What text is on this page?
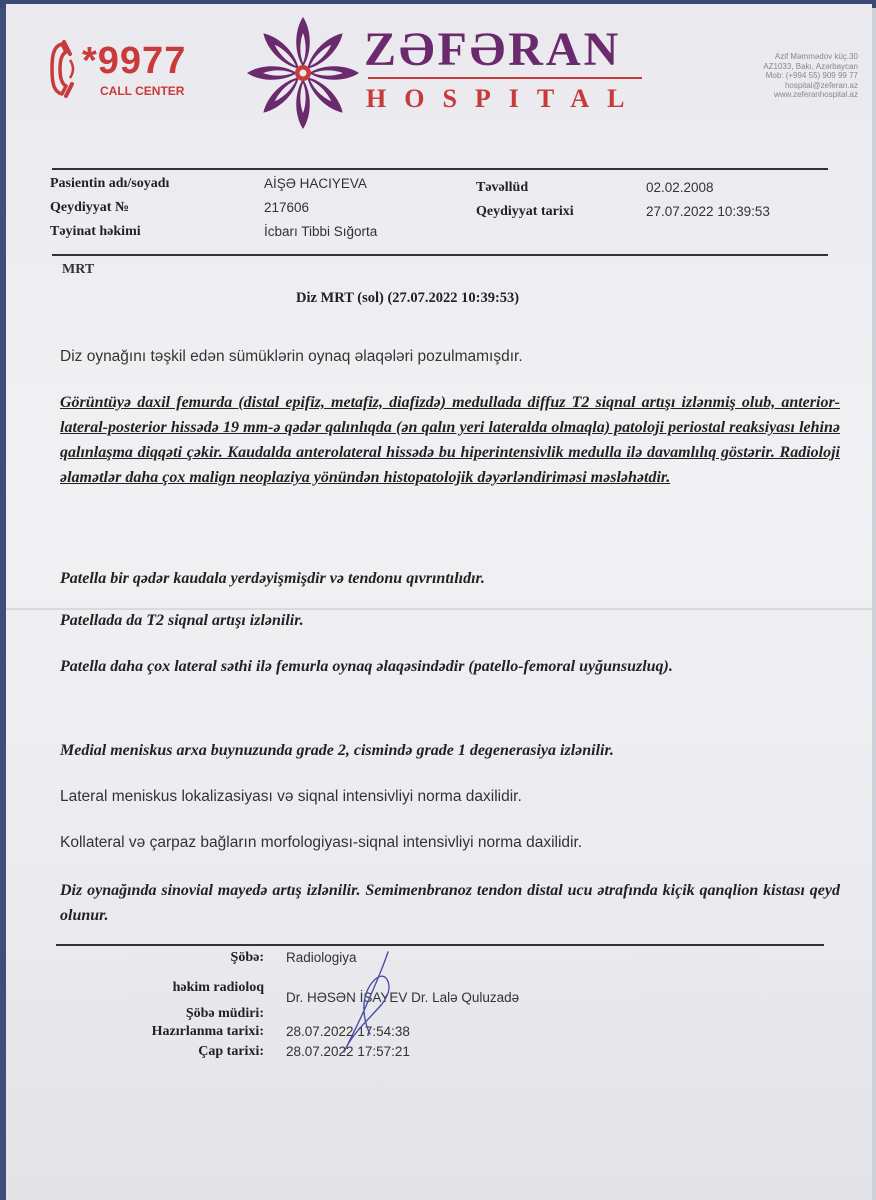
*9977
CALL CENTER
ZƏFƏRAN
HOSPITAL
Azif Məmmədov küç.30
AZ1033, Bakı, Azərbaycan
Mob: (+994 55) 909 99 77
hospital@zeferan.az
www.zeferanhospital.az
Pasientin adı/soyadı	AİŞƏ HACIYEVA
Qeydiyyat №	217606
Təyinat həkimi	İcbarı Tibbi Sığorta
Təvəllüd	02.02.2008
Qeydiyyat tarixi	27.07.2022 10:39:53
MRT
Diz MRT (sol) (27.07.2022 10:39:53)
Diz oynağını təşkil edən sümüklərin oynaq əlaqələri pozulmamışdır.
Görüntüyə daxil femurda (distal epifiz, metafiz, diafizdə) medullada diffuz T2 siqnal artışı izlənmiş olub, anterior-lateral-posterior hissədə 19 mm-ə qədər qalınlıqda (ən qalın yeri lateralda olmaqla) patoloji periostal reaksiyası lehinə qalınlaşma diqqəti çəkir. Kaudalda anterolateral hissədə bu hiperintensivlik medulla ilə davamlılıq göstərir. Radioloji əlamətlər daha çox malign neoplaziya yönündən histopatolojik dəyərləndiriməsi məsləhətdir.
Patella bir qədər kaudala yerdəyişmişdir və tendonu qıvrıntılıdır.
Patellada da T2 siqnal artışı izlənilir.
Patella daha çox lateral səthi ilə femurla oynaq əlaqəsindədir (patello-femoral uyğunsuzluq).
Medial meniskus arxa buynuzunda grade 2, cismində grade 1 degenerasiya izlənilir.
Lateral meniskus lokalizasiyası və siqnal intensivliyi norma daxilidir.
Kollateral və çarpaz bağların morfologiyası-siqnal intensivliyi norma daxilidir.
Diz oynağında sinovial mayedə artış izlənilir. Semimenbranoz tendon distal ucu ətrafında kiçik qanqlion kistası qeyd olunur.
Şöbə: Radiologiya
həkim radioloq
Dr. HƏSƏN İSAYEV Dr. Lalə Quluzadə
Şöbə müdiri:
Hazırlanma tarixi: 28.07.2022 17:54:38
Çap tarixi: 28.07.2022 17:57:21
